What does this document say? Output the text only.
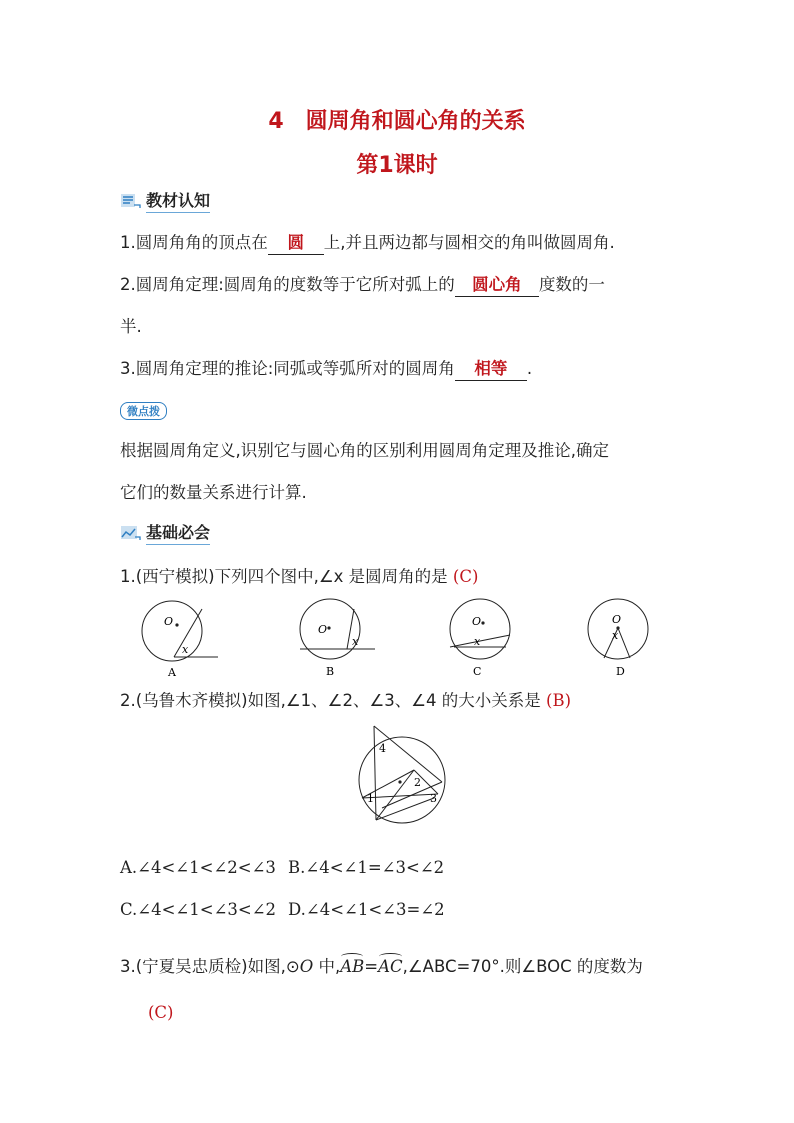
4　圆周角和圆心角的关系
第1课时
教材认知
1.圆周角角的顶点在 圆 上,并且两边都与圆相交的角叫做圆周角.
2.圆周角定理:圆周角的度数等于它所对弧上的 圆心角 度数的一
半.
3.圆周角定理的推论:同弧或等弧所对的圆周角 相等 .
微点拨
根据圆周角定义,识别它与圆心角的区别利用圆周角定理及推论,确定
它们的数量关系进行计算.
基础必会
1.(西宁模拟)下列四个图中,∠x 是圆周角的是 (C)
O
x
A
O
x
B
O
x
C
O
x
D
2.(乌鲁木齐模拟)如图,∠1、∠2、∠3、∠4 的大小关系是 (B)
1
2
3
4
A.∠4<∠1<∠2<∠3 B.∠4<∠1=∠3<∠2
C.∠4<∠1<∠3<∠2 D.∠4<∠1<∠3=∠2
3.(宁夏吴忠质检)如图,⊙O 中,AB=AC,∠ABC=70°.则∠BOC 的度数为
(C)
